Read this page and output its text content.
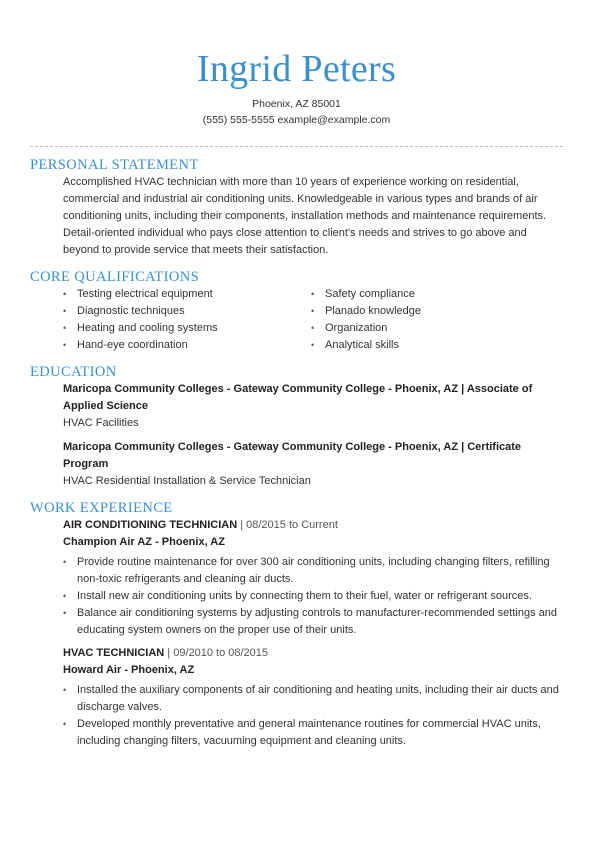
Ingrid Peters
Phoenix, AZ 85001
(555) 555-5555 example@example.com
PERSONAL STATEMENT
Accomplished HVAC technician with more than 10 years of experience working on residential, commercial and industrial air conditioning units. Knowledgeable in various types and brands of air conditioning units, including their components, installation methods and maintenance requirements. Detail-oriented individual who pays close attention to client's needs and strives to go above and beyond to provide service that meets their satisfaction.
CORE QUALIFICATIONS
• Testing electrical equipment
• Diagnostic techniques
• Heating and cooling systems
• Hand-eye coordination
• Safety compliance
• Planado knowledge
• Organization
• Analytical skills
EDUCATION
Maricopa Community Colleges - Gateway Community College - Phoenix, AZ | Associate of Applied Science
HVAC Facilities
Maricopa Community Colleges - Gateway Community College - Phoenix, AZ | Certificate Program
HVAC Residential Installation & Service Technician
WORK EXPERIENCE
AIR CONDITIONING TECHNICIAN | 08/2015 to Current
Champion Air AZ - Phoenix, AZ
• Provide routine maintenance for over 300 air conditioning units, including changing filters, refilling non-toxic refrigerants and cleaning air ducts.
• Install new air conditioning units by connecting them to their fuel, water or refrigerant sources.
• Balance air conditioning systems by adjusting controls to manufacturer-recommended settings and educating system owners on the proper use of their units.
HVAC TECHNICIAN | 09/2010 to 08/2015
Howard Air - Phoenix, AZ
• Installed the auxiliary components of air conditioning and heating units, including their air ducts and discharge valves.
• Developed monthly preventative and general maintenance routines for commercial HVAC units, including changing filters, vacuuming equipment and cleaning units.
